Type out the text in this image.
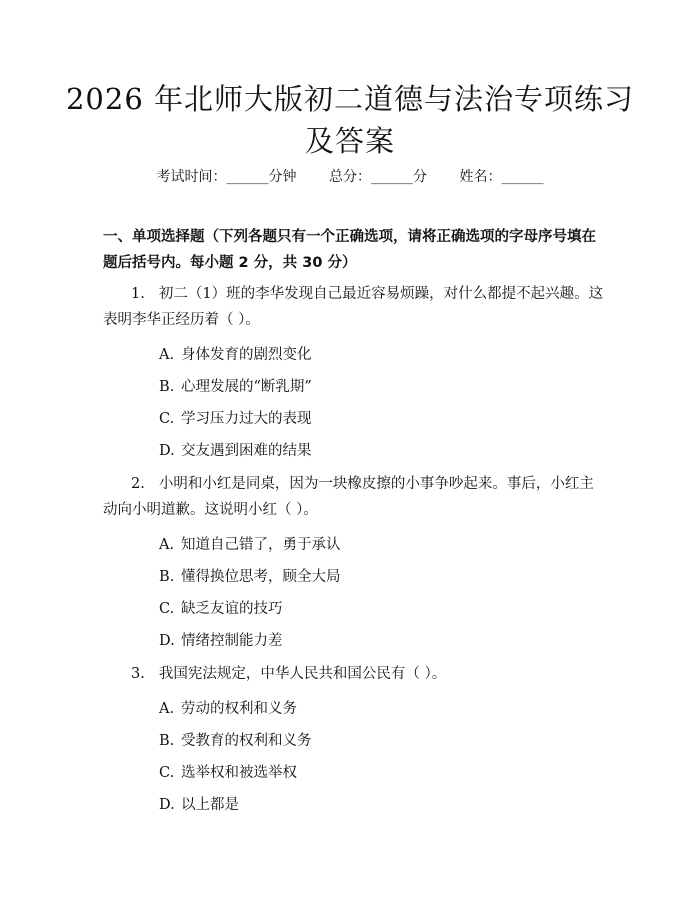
2026 年北师大版初二道德与法治专项练习及答案
考试时间：______分钟 总分：______分 姓名：______
一、单项选择题（下列各题只有一个正确选项，请将正确选项的字母序号填在题后括号内。每小题 2 分，共 30 分）

1. 初二（1）班的李华发现自己最近容易烦躁，对什么都提不起兴趣。这表明李华正经历着（ ）。

A. 身体发育的剧烈变化

B. 心理发展的“断乳期”

C. 学习压力过大的表现

D. 交友遇到困难的结果

2. 小明和小红是同桌，因为一块橡皮擦的小事争吵起来。事后，小红主动向小明道歉。这说明小红（ ）。

A. 知道自己错了，勇于承认

B. 懂得换位思考，顾全大局

C. 缺乏友谊的技巧

D. 情绪控制能力差

3. 我国宪法规定，中华人民共和国公民有（ ）。

A. 劳动的权利和义务

B. 受教育的权利和义务

C. 选举权和被选举权

D. 以上都是
